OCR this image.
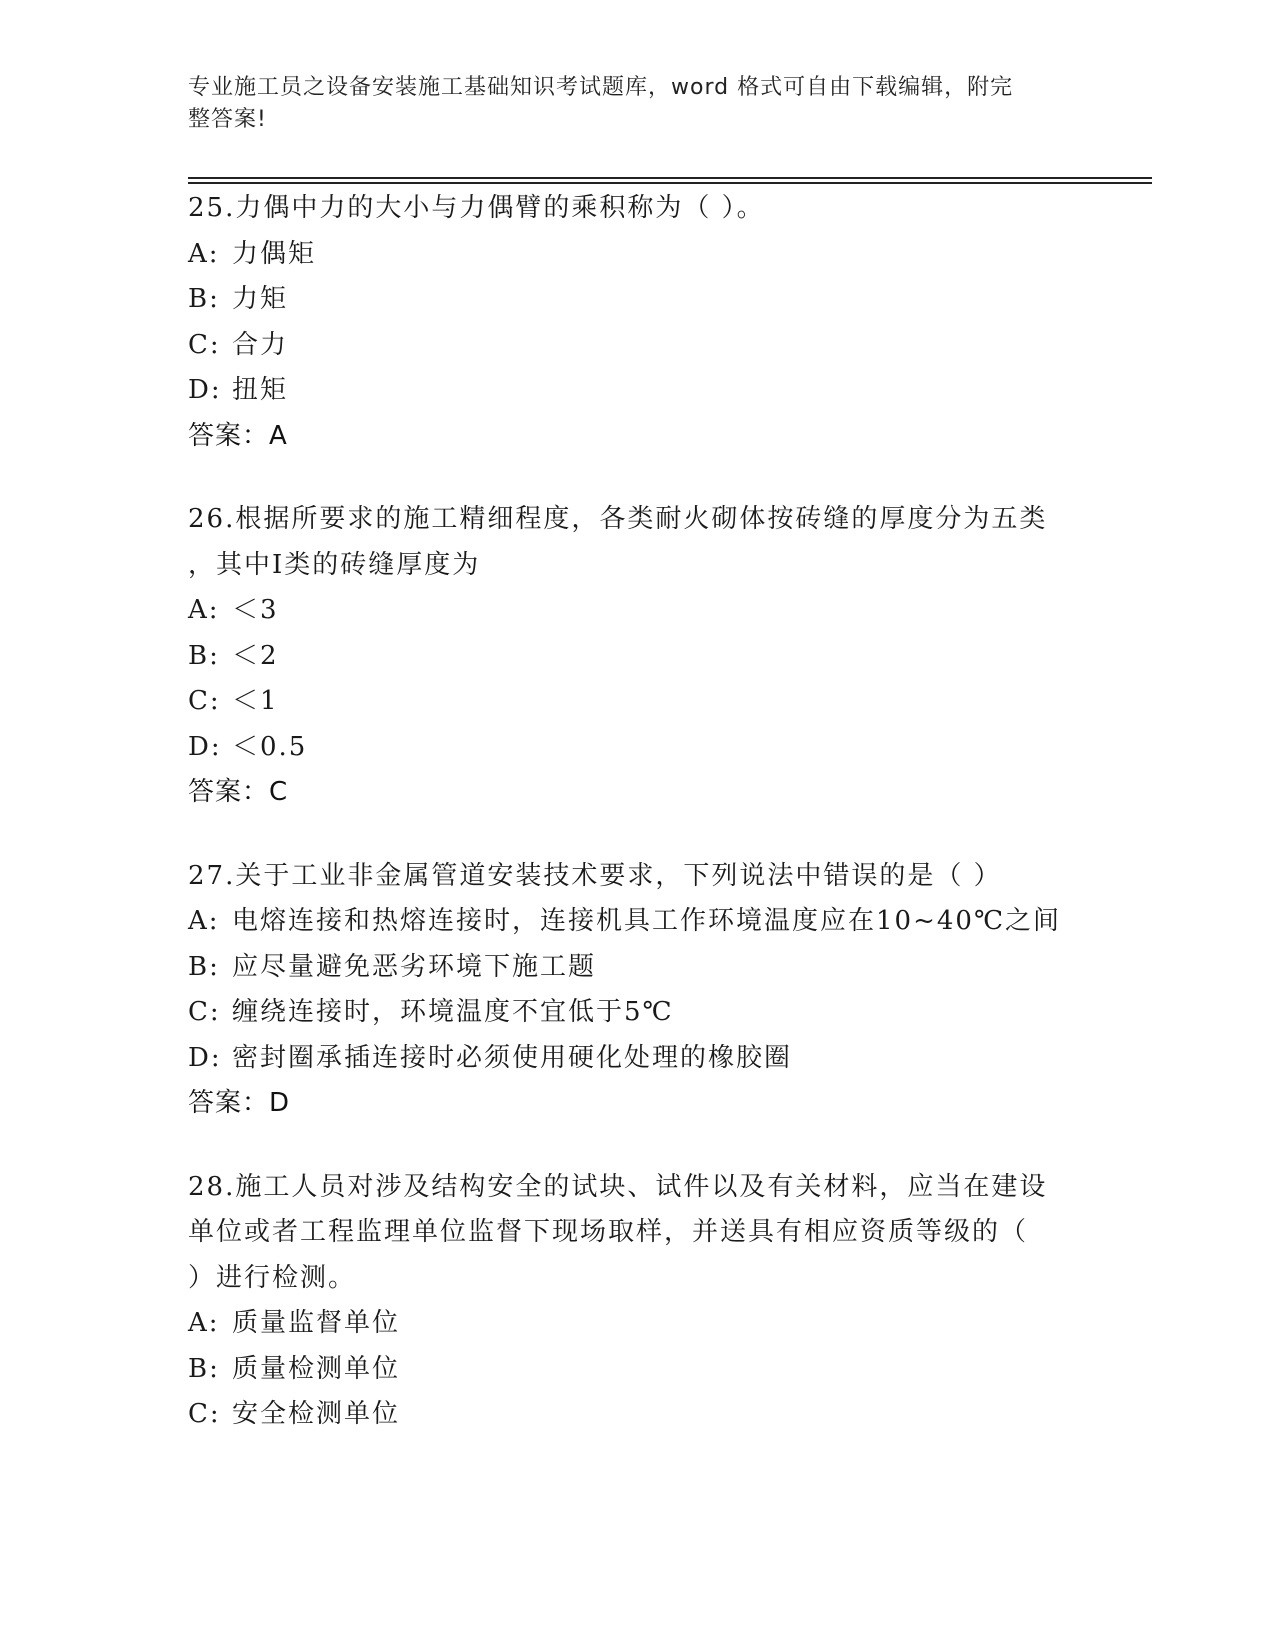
专业施工员之设备安装施工基础知识考试题库，word 格式可自由下载编辑，附完
整答案!
25.力偶中力的大小与力偶臂的乘积称为（ ）。
A: 力偶矩
B: 力矩
C: 合力
D: 扭矩
答案：A
26.根据所要求的施工精细程度，各类耐火砌体按砖缝的厚度分为五类
，其中Ⅰ类的砖缝厚度为
A: ＜3
B: ＜2
C: ＜1
D: ＜0.5
答案：C
27.关于工业非金属管道安装技术要求，下列说法中错误的是（ ）
A: 电熔连接和热熔连接时，连接机具工作环境温度应在10~40℃之间
B: 应尽量避免恶劣环境下施工题
C: 缠绕连接时，环境温度不宜低于5℃
D: 密封圈承插连接时必须使用硬化处理的橡胶圈
答案：D
28.施工人员对涉及结构安全的试块、试件以及有关材料，应当在建设
单位或者工程监理单位监督下现场取样，并送具有相应资质等级的（
）进行检测。
A: 质量监督单位
B: 质量检测单位
C: 安全检测单位
